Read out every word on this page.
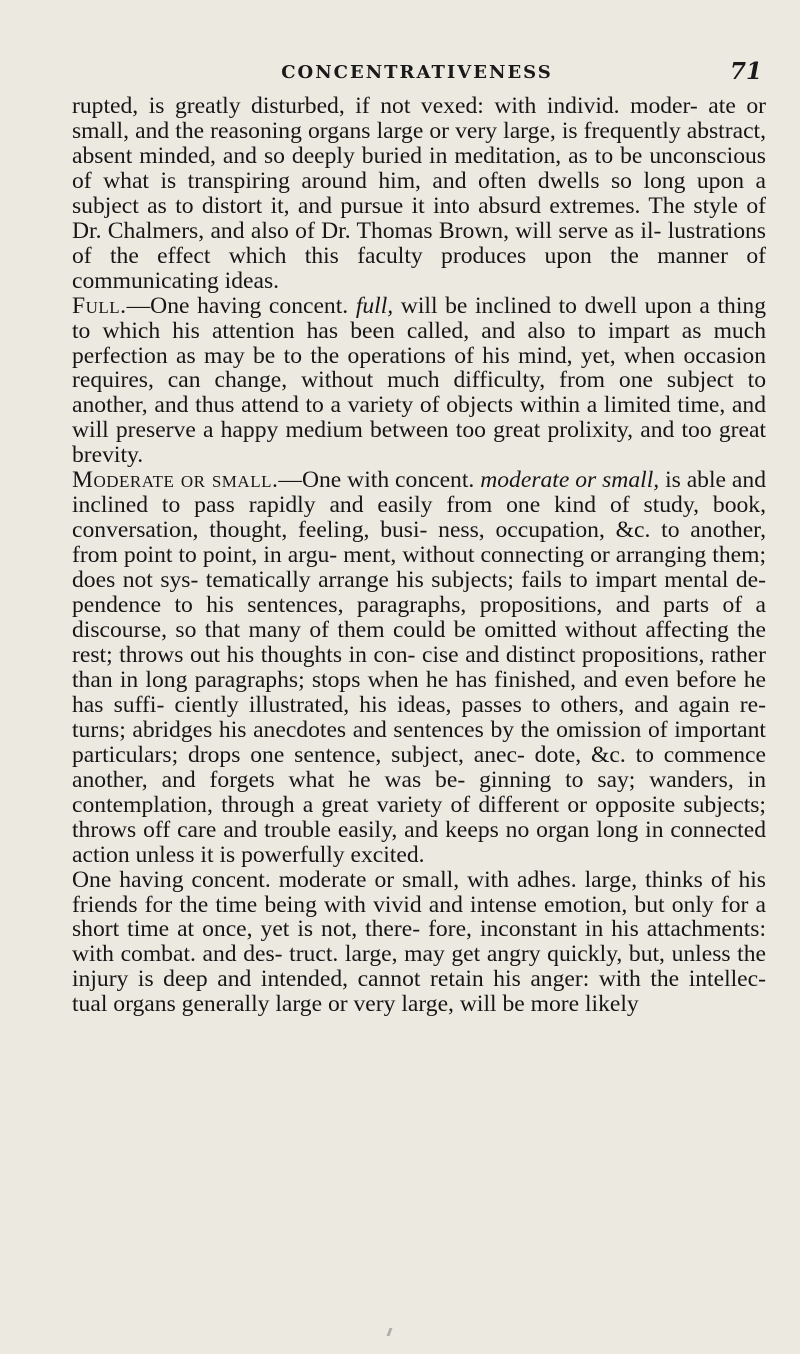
CONCENTRATIVENESS	71

rupted, is greatly disturbed, if not vexed: with individ. moder- ate or small, and the reasoning organs large or very large, is frequently abstract, absent minded, and so deeply buried in meditation, as to be unconscious of what is transpiring around him, and often dwells so long upon a subject as to distort it, and pursue it into absurd extremes. The style of Dr. Chalmers, and also of Dr. Thomas Brown, will serve as il- lustrations of the effect which this faculty produces upon the manner of communicating ideas.

Full.—One having concent. full, will be inclined to dwell upon a thing to which his attention has been called, and also to impart as much perfection as may be to the operations of his mind, yet, when occasion requires, can change, without much difficulty, from one subject to another, and thus attend to a variety of objects within a limited time, and will preserve a happy medium between too great prolixity, and too great brevity.

Moderate or small.—One with concent. moderate or small, is able and inclined to pass rapidly and easily from one kind of study, book, conversation, thought, feeling, busi- ness, occupation, &c. to another, from point to point, in argu- ment, without connecting or arranging them; does not sys- tematically arrange his subjects; fails to impart mental de- pendence to his sentences, paragraphs, propositions, and parts of a discourse, so that many of them could be omitted without affecting the rest; throws out his thoughts in con- cise and distinct propositions, rather than in long paragraphs; stops when he has finished, and even before he has suffi- ciently illustrated, his ideas, passes to others, and again re- turns; abridges his anecdotes and sentences by the omission of important particulars; drops one sentence, subject, anec- dote, &c. to commence another, and forgets what he was be- ginning to say; wanders, in contemplation, through a great variety of different or opposite subjects; throws off care and trouble easily, and keeps no organ long in connected action unless it is powerfully excited.

One having concent. moderate or small, with adhes. large, thinks of his friends for the time being with vivid and intense emotion, but only for a short time at once, yet is not, there- fore, inconstant in his attachments: with combat. and des- truct. large, may get angry quickly, but, unless the injury is deep and intended, cannot retain his anger: with the intellec- tual organs generally large or very large, will be more likely
